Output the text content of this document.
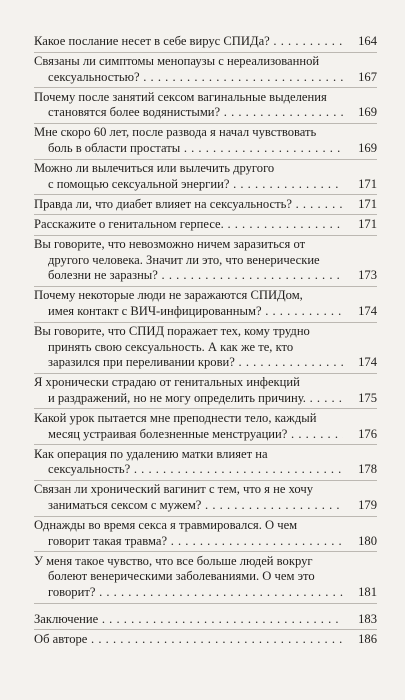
Какое послание несет в себе вирус СПИДа? . . .	164
Связаны ли симптомы менопаузы с нереализованной
сексуальностью? . . .	167
Почему после занятий сексом вагинальные выделения
становятся более водянистыми? . . .	169
Мне скоро 60 лет, после развода я начал чувствовать
боль в области простаты . . .	169
Можно ли вылечиться или вылечить другого
с помощью сексуальной энергии? . . .	171
Правда ли, что диабет влияет на сексуальность? . . .	171
Расскажите о генитальном герпесе. . . .	171
Вы говорите, что невозможно ничем заразиться от
другого человека. Значит ли это, что венерические
болезни не заразны? . . .	173
Почему некоторые люди не заражаются СПИДом,
имея контакт с ВИЧ-инфицированным? . . .	174
Вы говорите, что СПИД поражает тех, кому трудно
принять свою сексуальность. А как же те, кто
заразился при переливании крови? . . .	174
Я хронически страдаю от генитальных инфекций
и раздражений, но не могу определить причину. . . .	175
Какой урок пытается мне преподнести тело, каждый
месяц устраивая болезненные менструации? . . .	176
Как операция по удалению матки влияет на
сексуальность? . . .	178
Связан ли хронический вагинит с тем, что я не хочу
заниматься сексом с мужем? . . .	179
Однажды во время секса я травмировался. О чем
говорит такая травма? . . .	180
У меня такое чувство, что все больше людей вокруг
болеют венерическими заболеваниями. О чем это
говорит? . . .	181
Заключение . . .	183
Об авторе . . .	186
